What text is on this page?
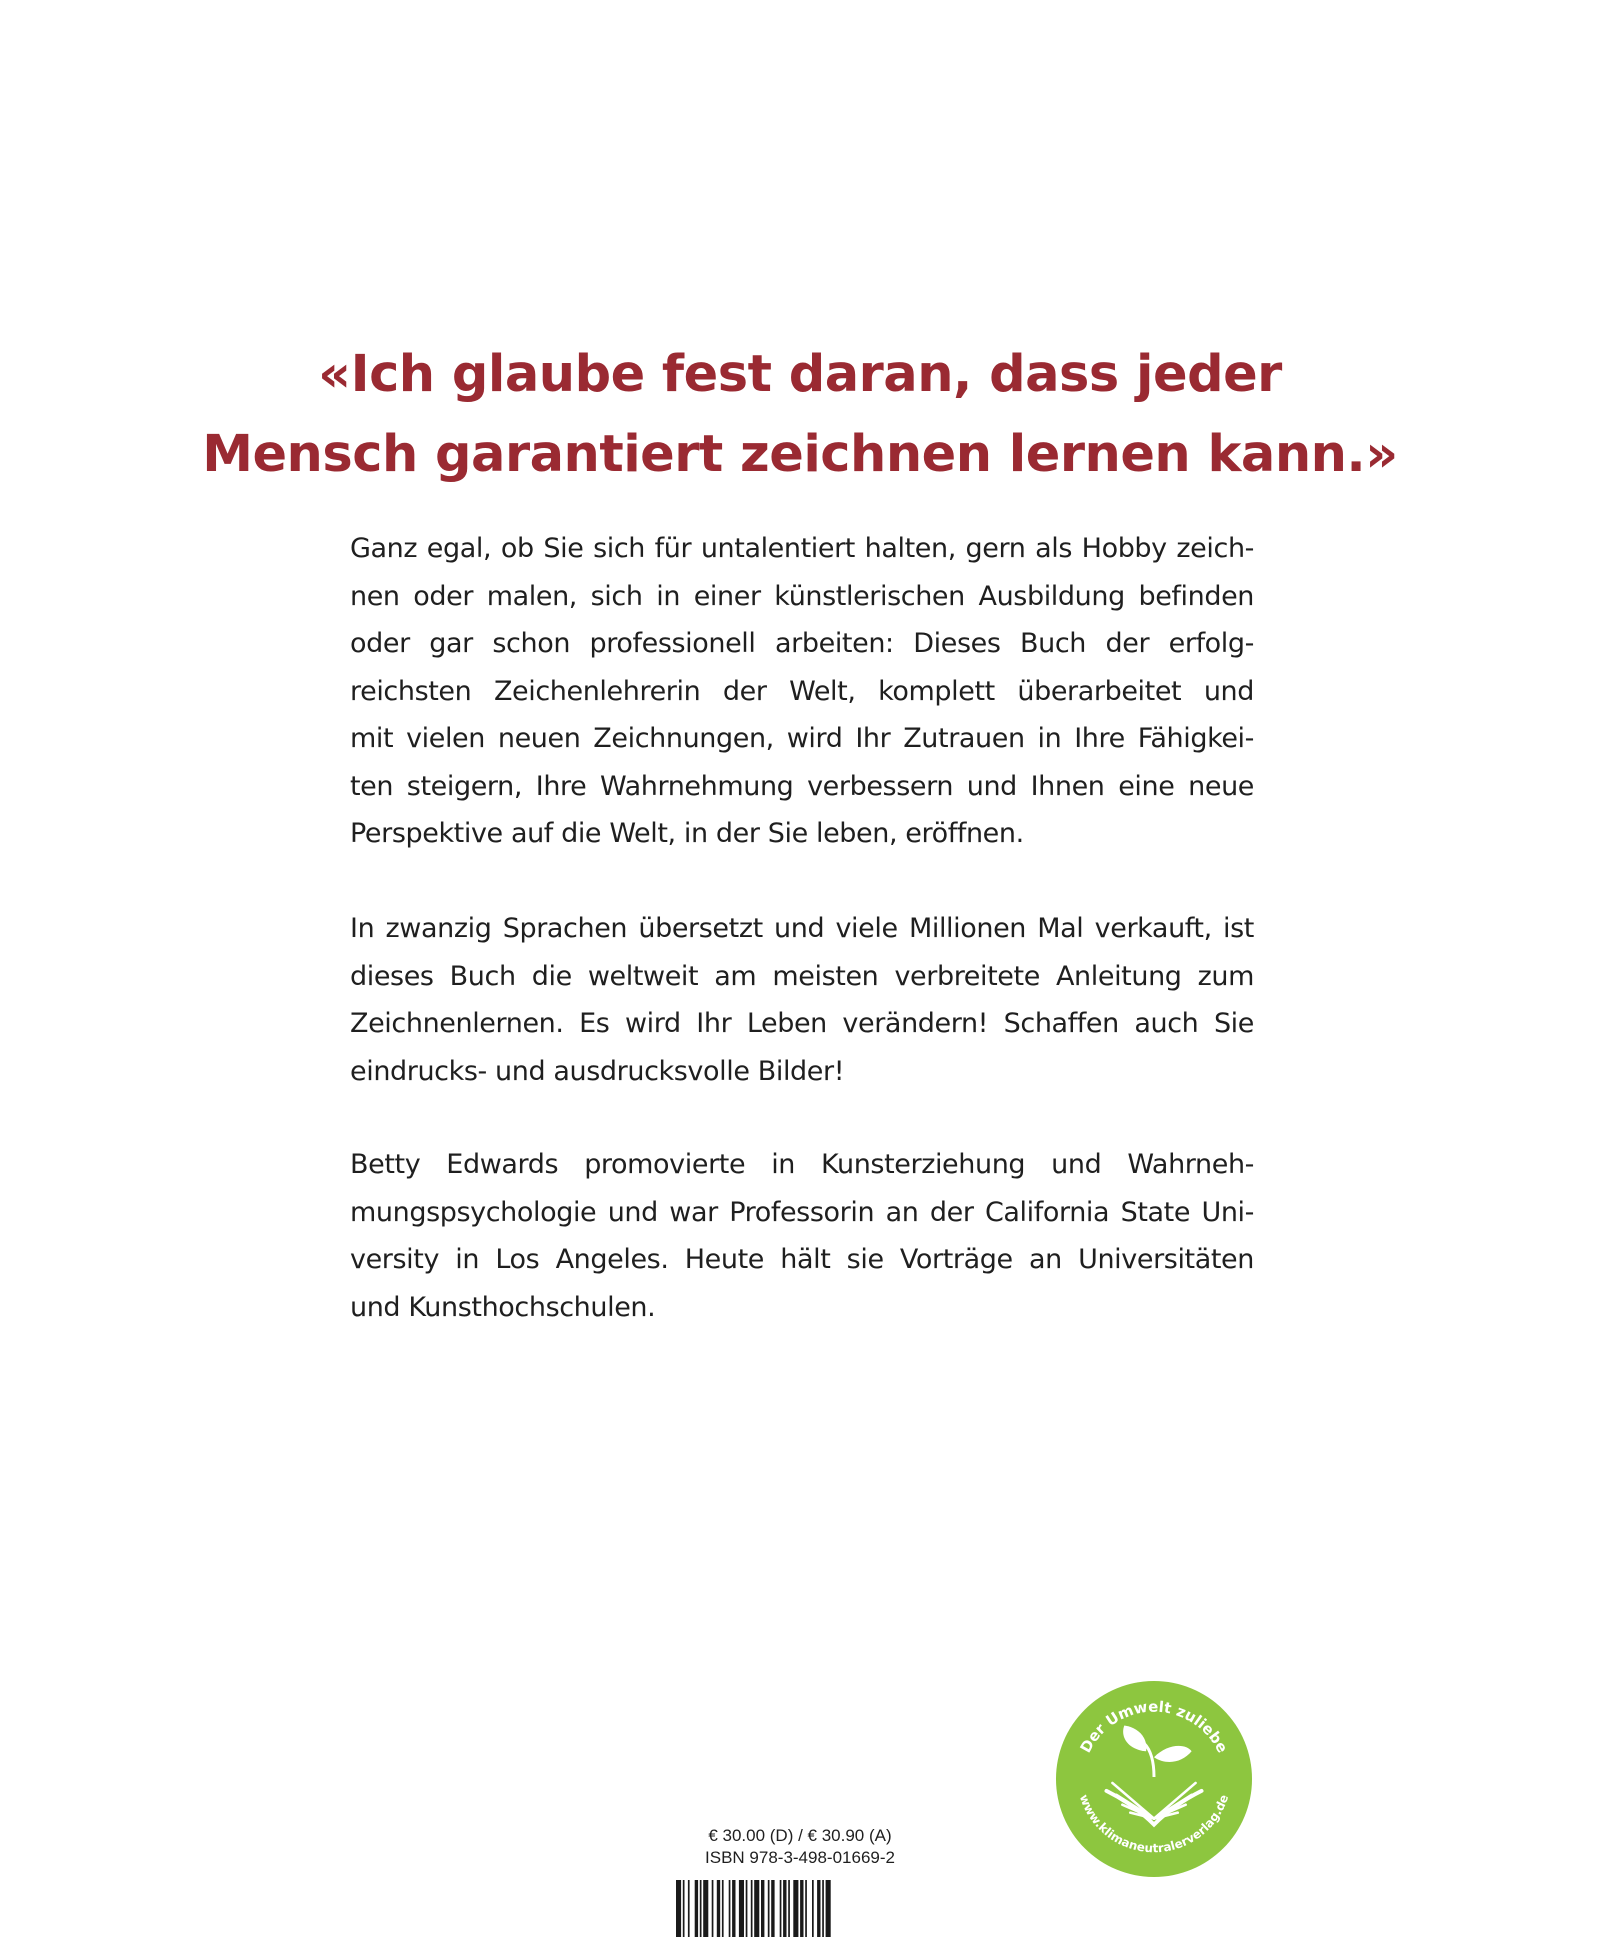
«Ich glaube fest daran, dass jeder
Mensch garantiert zeichnen lernen kann.»
Ganz egal, ob Sie sich für untalentiert halten, gern als Hobby zeich-
nen oder malen, sich in einer künstlerischen Ausbildung befinden
oder gar schon professionell arbeiten: Dieses Buch der erfolg-
reichsten Zeichenlehrerin der Welt, komplett überarbeitet und
mit vielen neuen Zeichnungen, wird Ihr Zutrauen in Ihre Fähigkei-
ten steigern, Ihre Wahrnehmung verbessern und Ihnen eine neue
Perspektive auf die Welt, in der Sie leben, eröffnen.
In zwanzig Sprachen übersetzt und viele Millionen Mal verkauft, ist
dieses Buch die weltweit am meisten verbreitete Anleitung zum
Zeichnenlernen. Es wird Ihr Leben verändern! Schaffen auch Sie
eindrucks- und ausdrucksvolle Bilder!
Betty Edwards promovierte in Kunsterziehung und Wahrneh-
mungspsychologie und war Professorin an der California State Uni-
versity in Los Angeles. Heute hält sie Vorträge an Universitäten
und Kunsthochschulen.
Der Umwelt zuliebe
www.klimaneutralerverlag.de
€ 30.00 (D) / € 30.90 (A)
ISBN 978-3-498-01669-2
